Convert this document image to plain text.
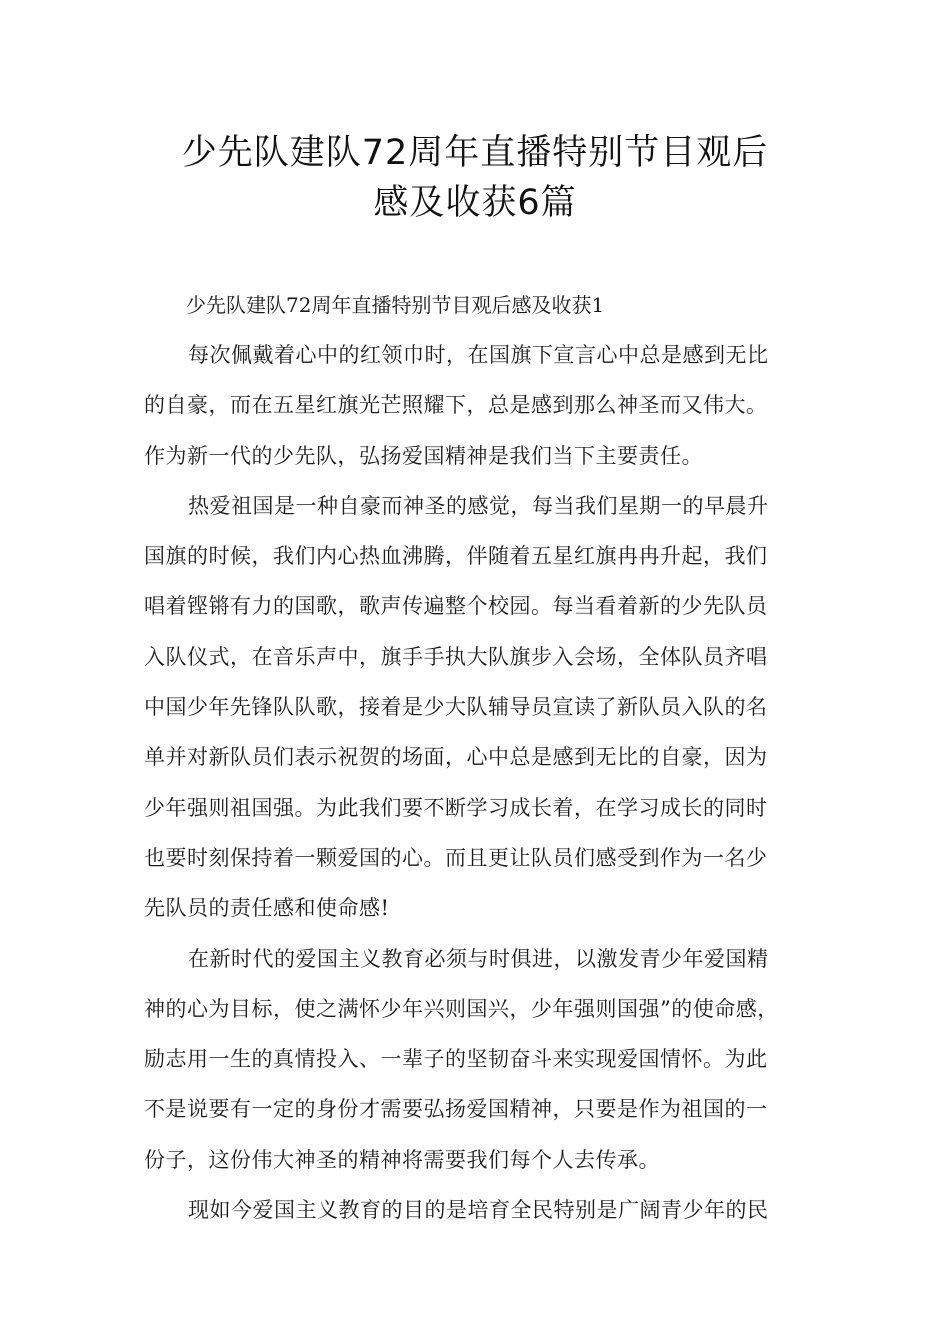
少先队建队72周年直播特别节目观后
感及收获6篇

少先队建队72周年直播特别节目观后感及收获1

每次佩戴着心中的红领巾时，在国旗下宣言心中总是感到无比

的自豪，而在五星红旗光芒照耀下，总是感到那么神圣而又伟大。

作为新一代的少先队，弘扬爱国精神是我们当下主要责任。

热爱祖国是一种自豪而神圣的感觉，每当我们星期一的早晨升

国旗的时候，我们内心热血沸腾，伴随着五星红旗冉冉升起，我们

唱着铿锵有力的国歌，歌声传遍整个校园。每当看着新的少先队员

入队仪式，在音乐声中，旗手手执大队旗步入会场，全体队员齐唱

中国少年先锋队队歌，接着是少大队辅导员宣读了新队员入队的名

单并对新队员们表示祝贺的场面，心中总是感到无比的自豪，因为

少年强则祖国强。为此我们要不断学习成长着，在学习成长的同时

也要时刻保持着一颗爱国的心。而且更让队员们感受到作为一名少

先队员的责任感和使命感!

在新时代的爱国主义教育必须与时俱进，以激发青少年爱国精

神的心为目标，使之满怀少年兴则国兴，少年强则国强”的使命感，

励志用一生的真情投入、一辈子的坚韧奋斗来实现爱国情怀。为此

不是说要有一定的身份才需要弘扬爱国精神，只要是作为祖国的一

份子，这份伟大神圣的精神将需要我们每个人去传承。

现如今爱国主义教育的目的是培育全民特别是广阔青少年的民
